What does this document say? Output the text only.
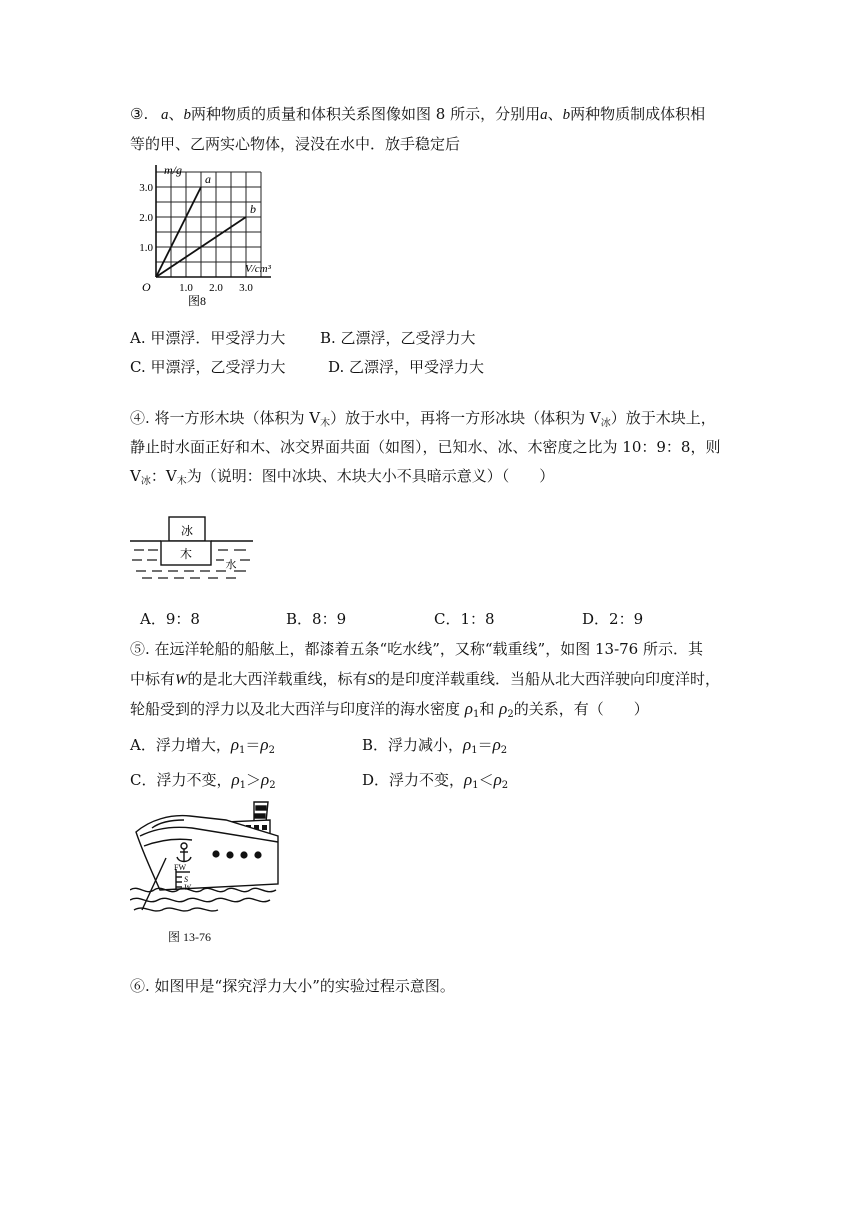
③. a、b两种物质的质量和体积关系图像如图 8 所示，分别用a、b两种物质制成体积相
等的甲、乙两实心物体，浸没在水中．放手稳定后
a
b
1.0 2.0 3.0
1.0
2.0
3.0
O
m/g
V/cm³
图8
A. 甲漂浮．甲受浮力大 B. 乙漂浮，乙受浮力大
C. 甲漂浮，乙受浮力大	D. 乙漂浮，甲受浮力大
④. 将一方形木块（体积为 $V_木$）放于水中，再将一方形冰块（体积为 $V_冰$）放于木块上，
静止时水面正好和木、冰交界面共面（如图），已知水、冰、木密度之比为 10：9：8，则
$V_冰$：$V_木$为（说明：图中冰块、木块大小不具暗示意义）（　　）
冰
木
水
A．9：8	B．8：9	C．1：8	D．2：9
⑤. 在远洋轮船的船舷上，都漆着五条“吃水线”，又称“载重线”，如图 13-76 所示．其
中标有W的是北大西洋载重线，标有S的是印度洋载重线．当船从北大西洋驶向印度洋时，
轮船受到的浮力以及北大西洋与印度洋的海水密度 $\rho_1$和 $\rho_2$的关系，有（　　）
A．浮力增大，$\rho_1=\rho_2$	B．浮力减小，$\rho_1=\rho_2$
C．浮力不变，$\rho_1>\rho_2$	D．浮力不变，$\rho_1<\rho_2$
FW
S
W
图 13-76
⑥. 如图甲是“探究浮力大小”的实验过程示意图。
